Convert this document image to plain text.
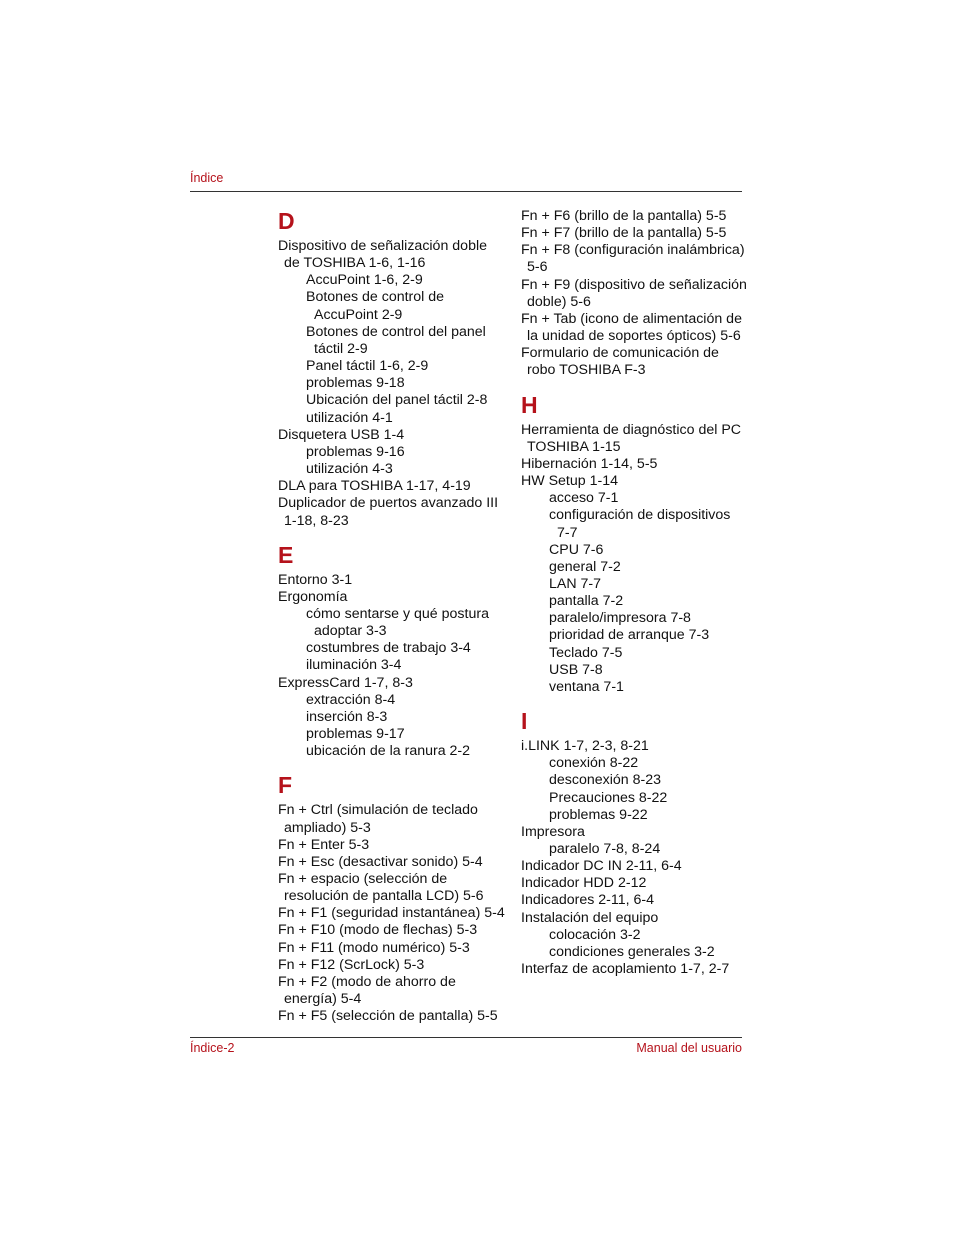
Índice
D
Dispositivo de señalización doble
de TOSHIBA 1-6, 1-16
AccuPoint 1-6, 2-9
Botones de control de
AccuPoint 2-9
Botones de control del panel
táctil 2-9
Panel táctil 1-6, 2-9
problemas 9-18
Ubicación del panel táctil 2-8
utilización 4-1
Disquetera USB 1-4
problemas 9-16
utilización 4-3
DLA para TOSHIBA 1-17, 4-19
Duplicador de puertos avanzado III
1-18, 8-23
E
Entorno 3-1
Ergonomía
cómo sentarse y qué postura
adoptar 3-3
costumbres de trabajo 3-4
iluminación 3-4
ExpressCard 1-7, 8-3
extracción 8-4
inserción 8-3
problemas 9-17
ubicación de la ranura 2-2
F
Fn + Ctrl (simulación de teclado
ampliado) 5-3
Fn + Enter 5-3
Fn + Esc (desactivar sonido) 5-4
Fn + espacio (selección de
resolución de pantalla LCD) 5-6
Fn + F1 (seguridad instantánea) 5-4
Fn + F10 (modo de flechas) 5-3
Fn + F11 (modo numérico) 5-3
Fn + F12 (ScrLock) 5-3
Fn + F2 (modo de ahorro de
energía) 5-4
Fn + F5 (selección de pantalla) 5-5
Fn + F6 (brillo de la pantalla) 5-5
Fn + F7 (brillo de la pantalla) 5-5
Fn + F8 (configuración inalámbrica)
5-6
Fn + F9 (dispositivo de señalización
doble) 5-6
Fn + Tab (icono de alimentación de
la unidad de soportes ópticos) 5-6
Formulario de comunicación de
robo TOSHIBA F-3
H
Herramienta de diagnóstico del PC
TOSHIBA 1-15
Hibernación 1-14, 5-5
HW Setup 1-14
acceso 7-1
configuración de dispositivos
7-7
CPU 7-6
general 7-2
LAN 7-7
pantalla 7-2
paralelo/impresora 7-8
prioridad de arranque 7-3
Teclado 7-5
USB 7-8
ventana 7-1
I
i.LINK 1-7, 2-3, 8-21
conexión 8-22
desconexión 8-23
Precauciones 8-22
problemas 9-22
Impresora
paralelo 7-8, 8-24
Indicador DC IN 2-11, 6-4
Indicador HDD 2-12
Indicadores 2-11, 6-4
Instalación del equipo
colocación 3-2
condiciones generales 3-2
Interfaz de acoplamiento 1-7, 2-7
Índice-2	Manual del usuario
